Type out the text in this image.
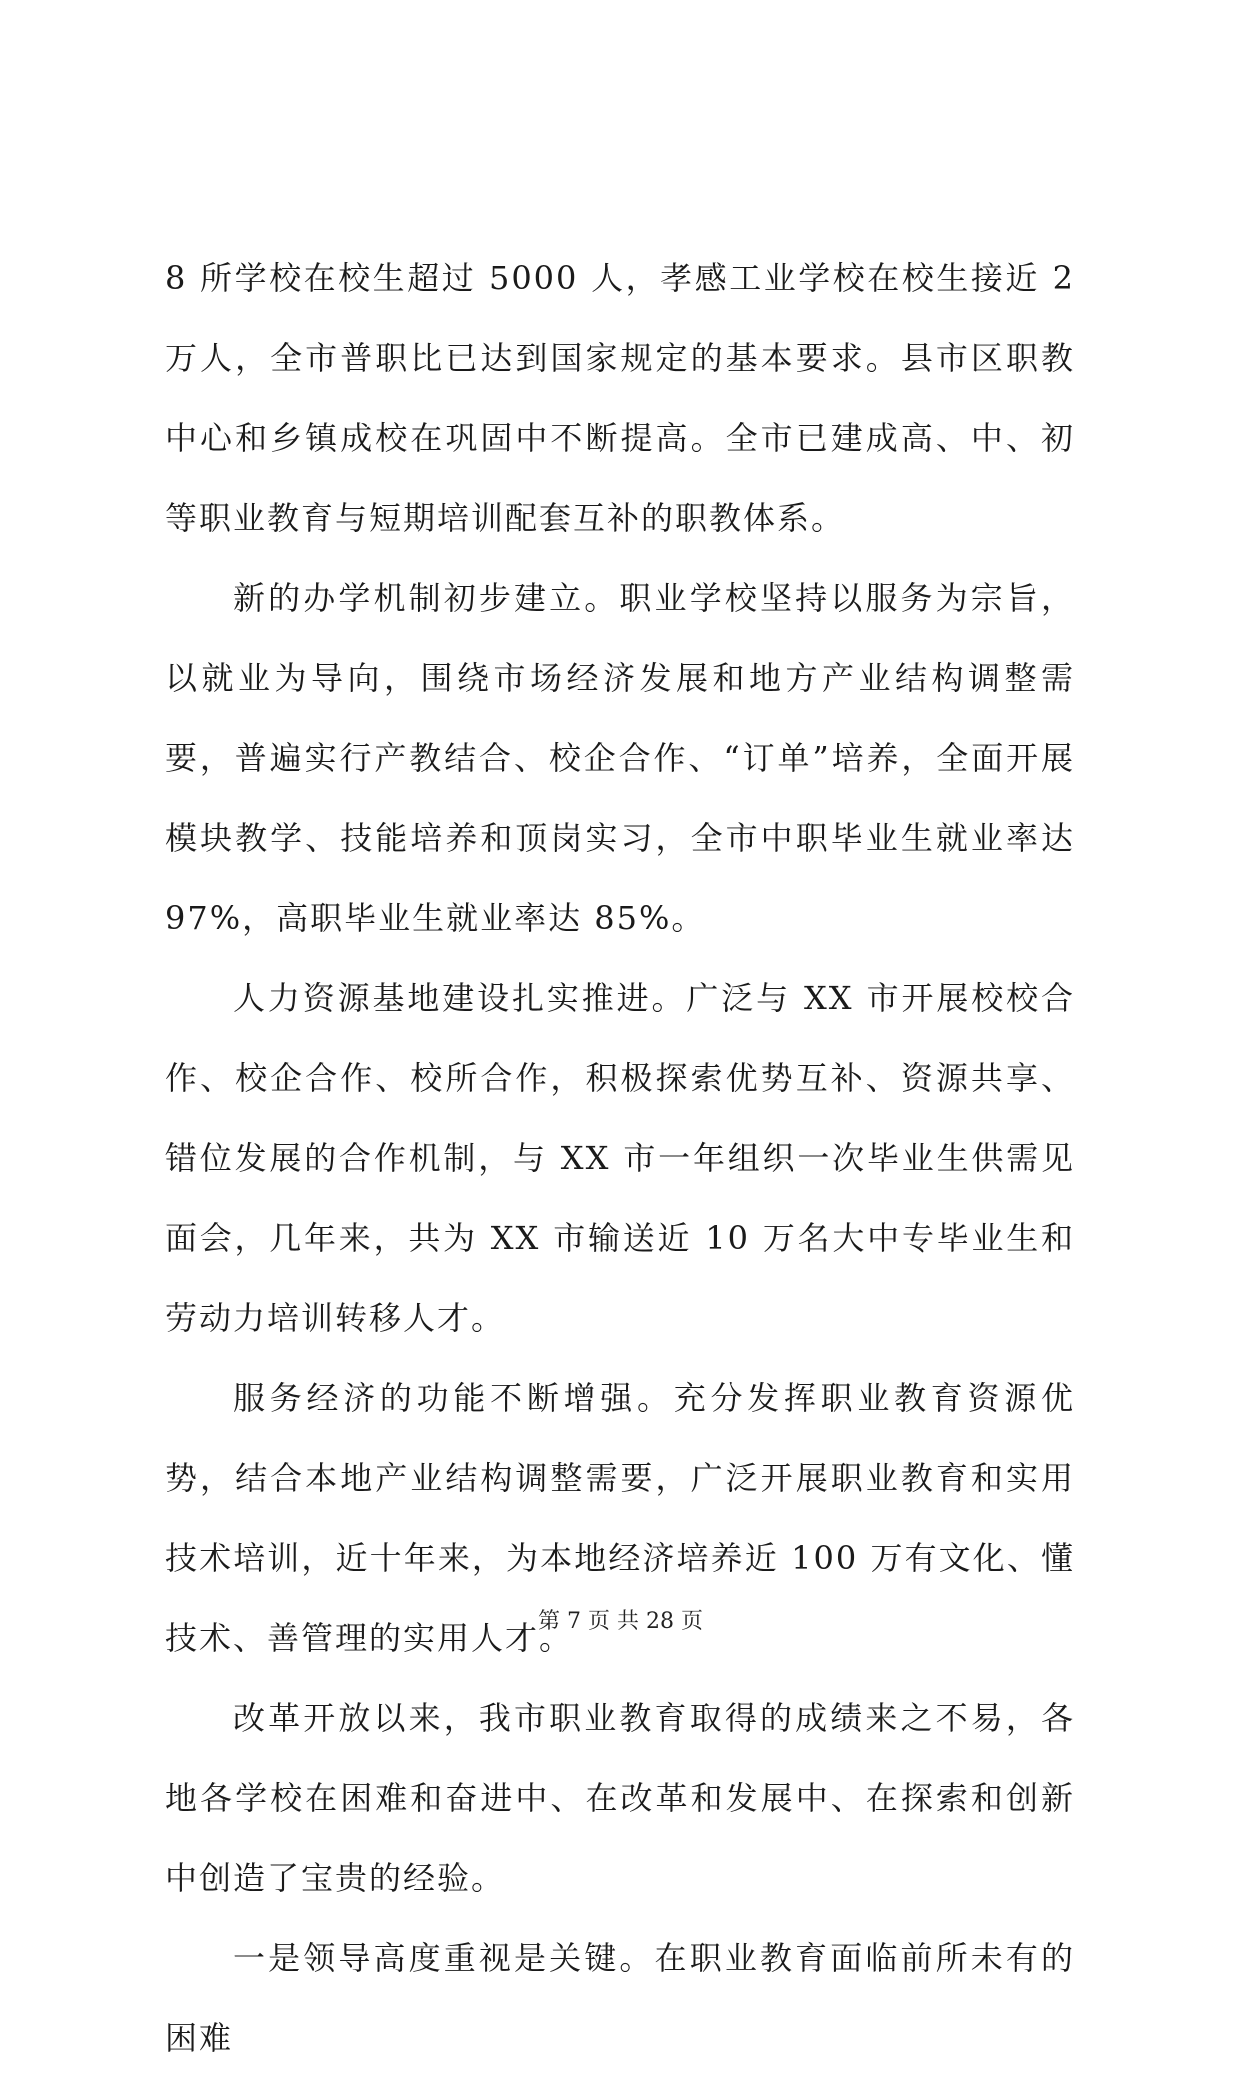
8 所学校在校生超过 5000 人，孝感工业学校在校生接近 2 万人，全市普职比已达到国家规定的基本要求。县市区职教中心和乡镇成校在巩固中不断提高。全市已建成高、中、初等职业教育与短期培训配套互补的职教体系。

新的办学机制初步建立。职业学校坚持以服务为宗旨，以就业为导向，围绕市场经济发展和地方产业结构调整需要，普遍实行产教结合、校企合作、“订单”培养，全面开展模块教学、技能培养和顶岗实习，全市中职毕业生就业率达 97%，高职毕业生就业率达 85%。

人力资源基地建设扎实推进。广泛与 XX 市开展校校合作、校企合作、校所合作，积极探索优势互补、资源共享、错位发展的合作机制，与 XX 市一年组织一次毕业生供需见面会，几年来，共为 XX 市输送近 10 万名大中专毕业生和劳动力培训转移人才。

服务经济的功能不断增强。充分发挥职业教育资源优势，结合本地产业结构调整需要，广泛开展职业教育和实用技术培训，近十年来，为本地经济培养近 100 万有文化、懂技术、善管理的实用人才。

改革开放以来，我市职业教育取得的成绩来之不易，各地各学校在困难和奋进中、在改革和发展中、在探索和创新中创造了宝贵的经验。

一是领导高度重视是关键。在职业教育面临前所未有的困难

第 7 页 共 28 页
